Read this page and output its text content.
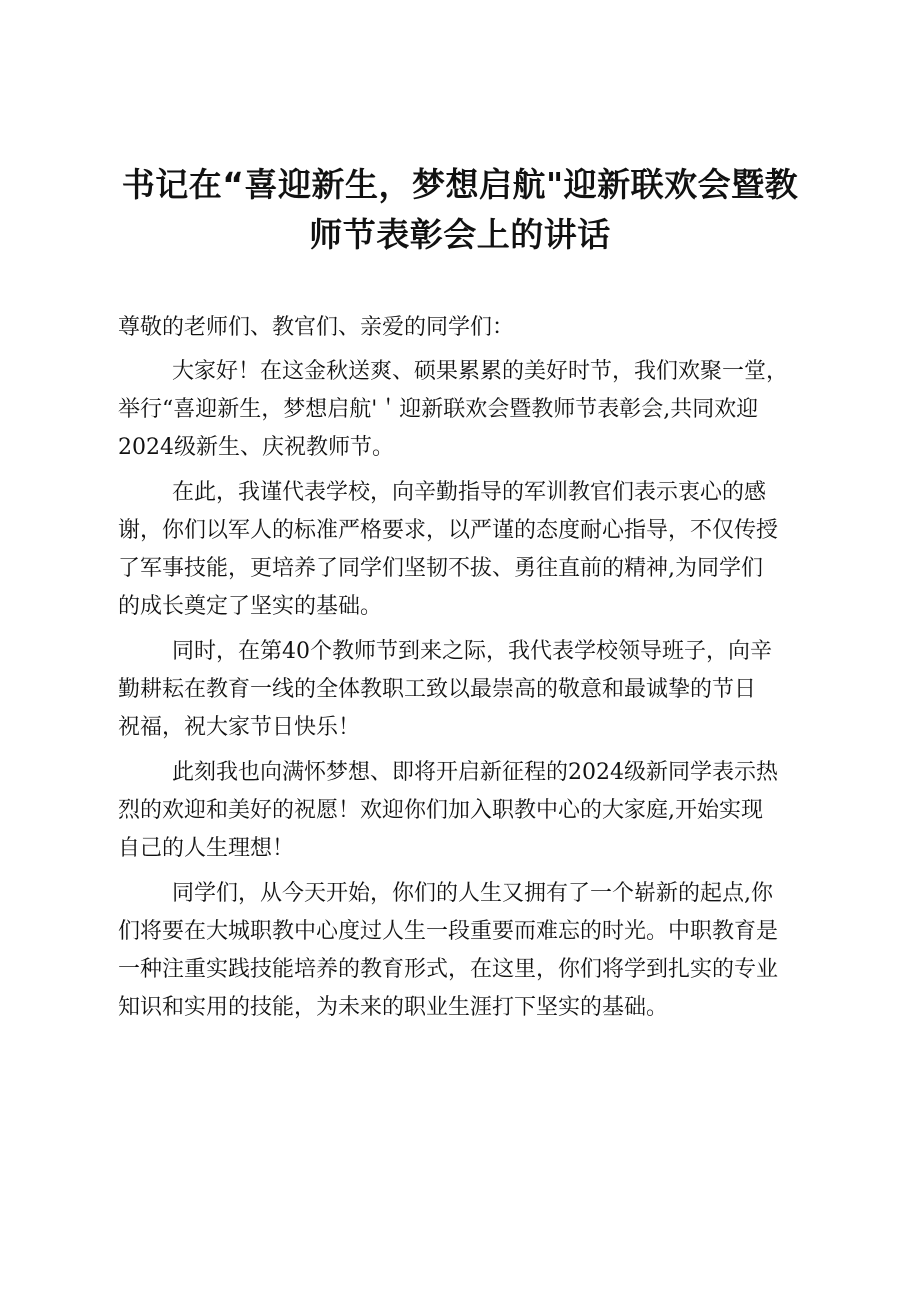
书记在“喜迎新生，梦想启航"迎新联欢会暨教
师节表彰会上的讲话

尊敬的老师们、教官们、亲爱的同学们：

大家好！在这金秋送爽、硕果累累的美好时节，我们欢聚一堂，
举行“喜迎新生，梦想启航'＇迎新联欢会暨教师节表彰会,共同欢迎
2024级新生、庆祝教师节。

在此，我谨代表学校，向辛勤指导的军训教官们表示衷心的感
谢，你们以军人的标准严格要求，以严谨的态度耐心指导，不仅传授
了军事技能，更培养了同学们坚韧不拔、勇往直前的精神,为同学们
的成长奠定了坚实的基础。

同时，在第40个教师节到来之际，我代表学校领导班子，向辛
勤耕耘在教育一线的全体教职工致以最崇高的敬意和最诚挚的节日
祝福，祝大家节日快乐！

此刻我也向满怀梦想、即将开启新征程的2024级新同学表示热
烈的欢迎和美好的祝愿！欢迎你们加入职教中心的大家庭,开始实现
自己的人生理想！

同学们，从今天开始，你们的人生又拥有了一个崭新的起点,你
们将要在大城职教中心度过人生一段重要而难忘的时光。中职教育是
一种注重实践技能培养的教育形式，在这里，你们将学到扎实的专业
知识和实用的技能，为未来的职业生涯打下坚实的基础。
